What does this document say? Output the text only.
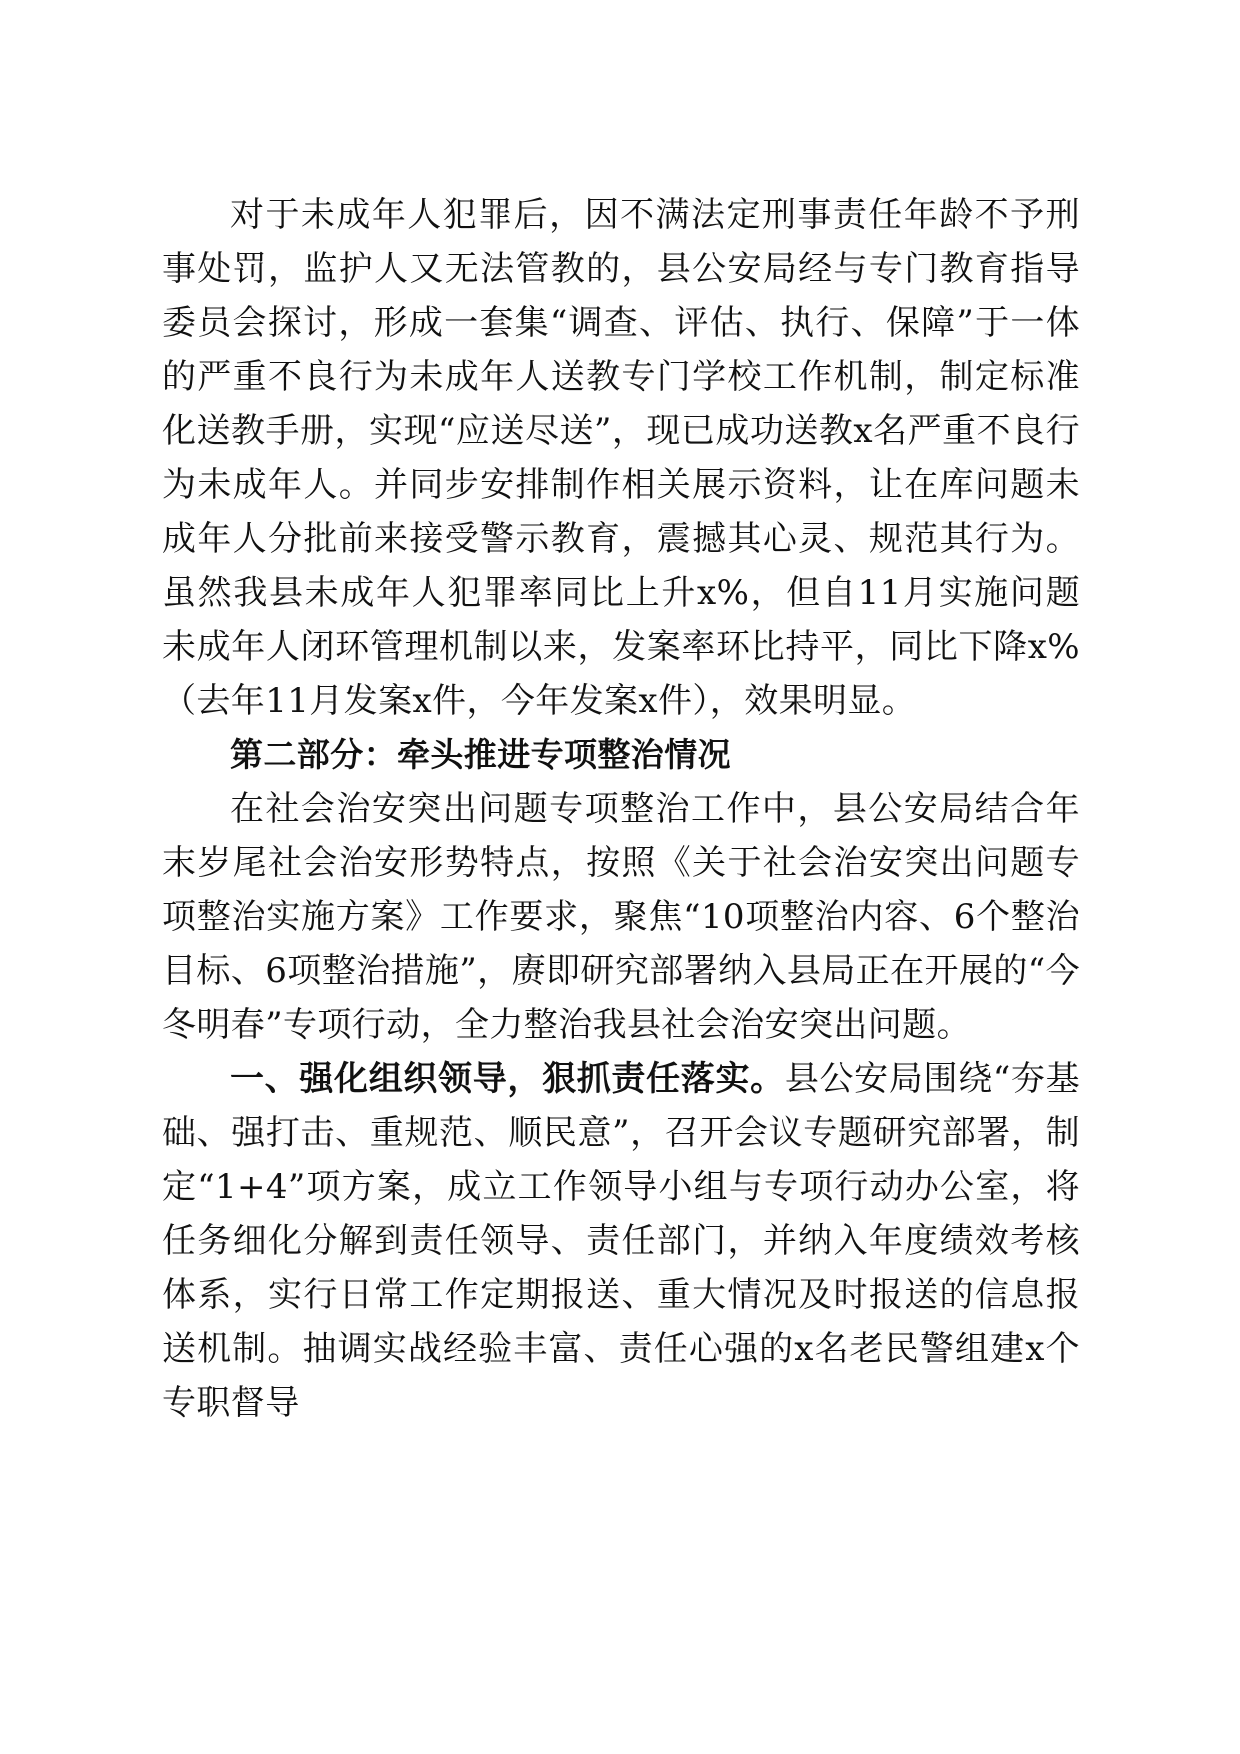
对于未成年人犯罪后，因不满法定刑事责任年龄不予刑事处罚，监护人又无法管教的，县公安局经与专门教育指导委员会探讨，形成一套集“调查、评估、执行、保障”于一体的严重不良行为未成年人送教专门学校工作机制，制定标准化送教手册，实现“应送尽送”，现已成功送教x名严重不良行为未成年人。并同步安排制作相关展示资料，让在库问题未成年人分批前来接受警示教育，震撼其心灵、规范其行为。虽然我县未成年人犯罪率同比上升x%，但自11月实施问题未成年人闭环管理机制以来，发案率环比持平，同比下降x%（去年11月发案x件，今年发案x件），效果明显。

第二部分：牵头推进专项整治情况

在社会治安突出问题专项整治工作中，县公安局结合年末岁尾社会治安形势特点，按照《关于社会治安突出问题专项整治实施方案》工作要求，聚焦“10项整治内容、6个整治目标、6项整治措施”，赓即研究部署纳入县局正在开展的“今冬明春”专项行动，全力整治我县社会治安突出问题。

一、强化组织领导，狠抓责任落实。县公安局围绕“夯基础、强打击、重规范、顺民意”，召开会议专题研究部署，制定“1+4”项方案，成立工作领导小组与专项行动办公室，将任务细化分解到责任领导、责任部门，并纳入年度绩效考核体系，实行日常工作定期报送、重大情况及时报送的信息报送机制。抽调实战经验丰富、责任心强的x名老民警组建x个专职督导
